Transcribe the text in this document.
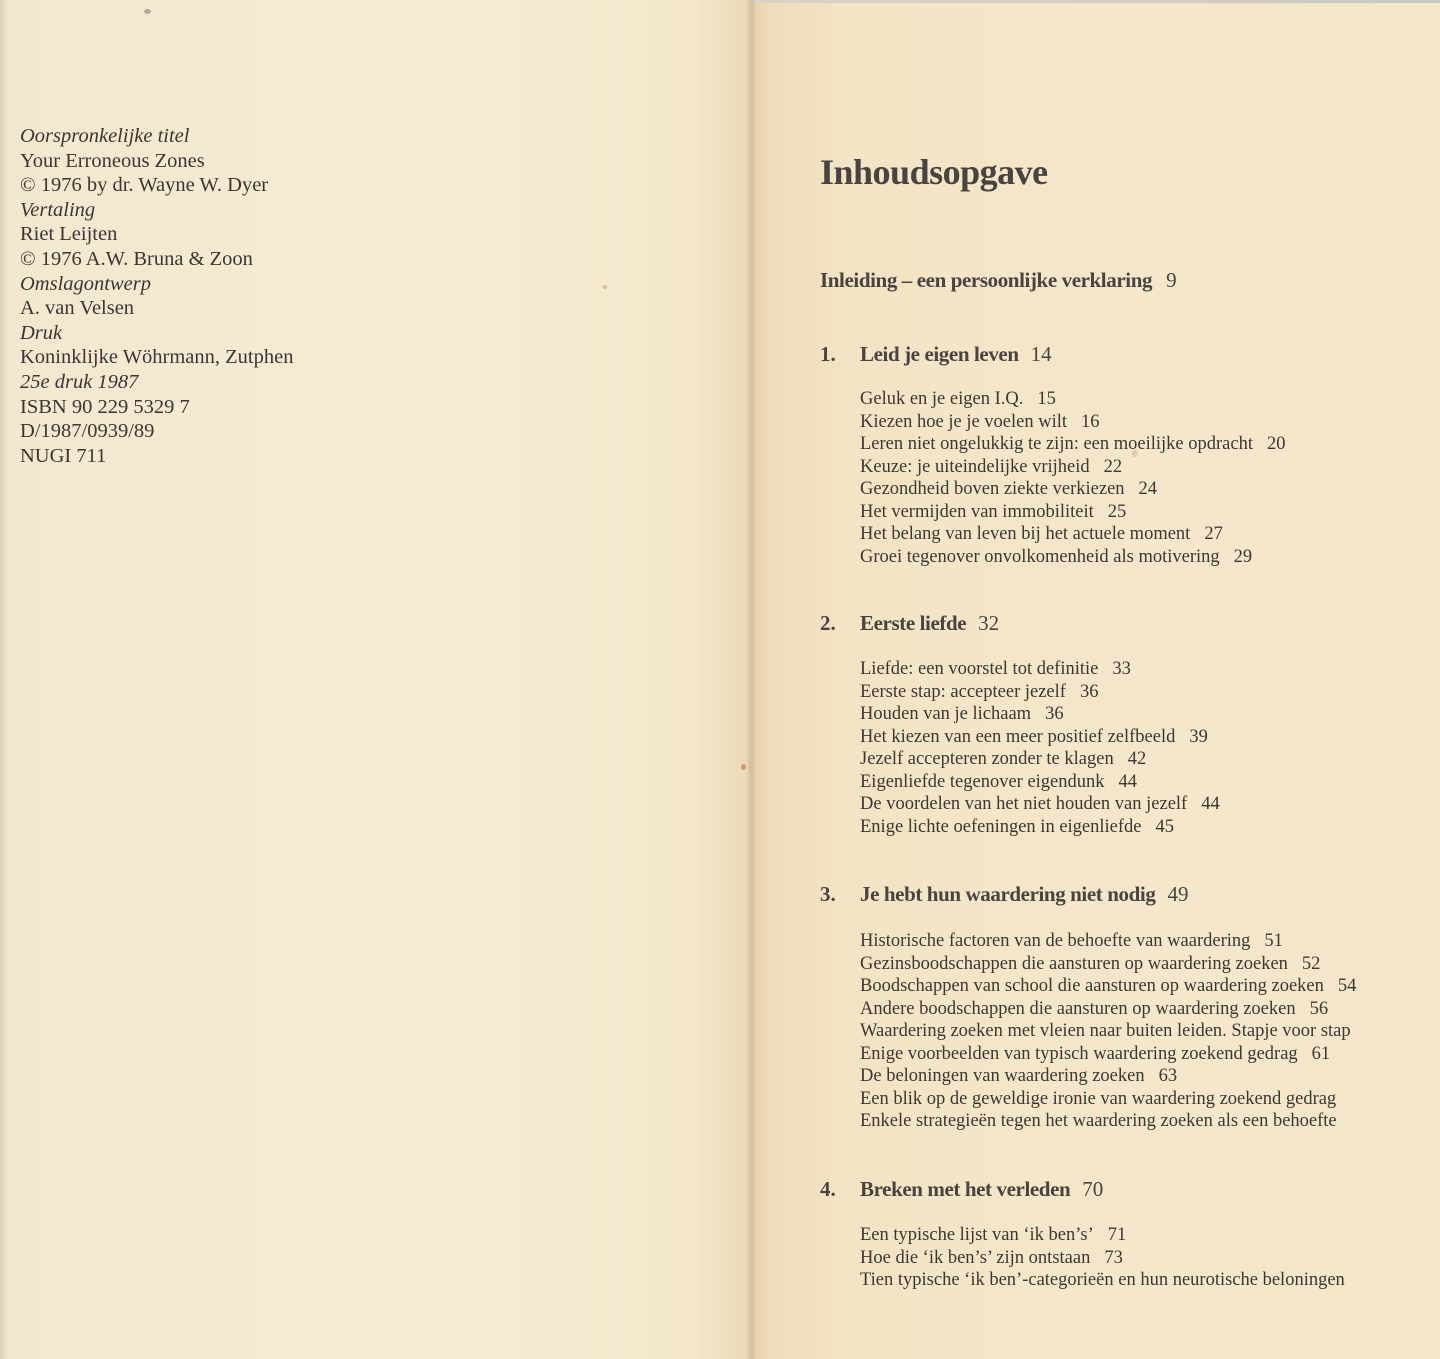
Oorspronkelijke titel
Your Erroneous Zones
© 1976 by dr. Wayne W. Dyer
Vertaling
Riet Leijten
© 1976 A.W. Bruna & Zoon
Omslagontwerp
A. van Velsen
Druk
Koninklijke Wöhrmann, Zutphen
25e druk 1987
ISBN 90 229 5329 7
D/1987/0939/89
NUGI 711
Inhoudsopgave
Inleiding – een persoonlijke verklaring 9
1. Leid je eigen leven 14
Geluk en je eigen I.Q. 15
Kiezen hoe je je voelen wilt 16
Leren niet ongelukkig te zijn: een moeilijke opdracht 20
Keuze: je uiteindelijke vrijheid 22
Gezondheid boven ziekte verkiezen 24
Het vermijden van immobiliteit 25
Het belang van leven bij het actuele moment 27
Groei tegenover onvolkomenheid als motivering 29
2. Eerste liefde 32
Liefde: een voorstel tot definitie 33
Eerste stap: accepteer jezelf 36
Houden van je lichaam 36
Het kiezen van een meer positief zelfbeeld 39
Jezelf accepteren zonder te klagen 42
Eigenliefde tegenover eigendunk 44
De voordelen van het niet houden van jezelf 44
Enige lichte oefeningen in eigenliefde 45
3. Je hebt hun waardering niet nodig 49
Historische factoren van de behoefte van waardering 51
Gezinsboodschappen die aansturen op waardering zoeken 52
Boodschappen van school die aansturen op waardering zoeken 54
Andere boodschappen die aansturen op waardering zoeken 56
Waardering zoeken met vleien naar buiten leiden. Stapje voor stap
Enige voorbeelden van typisch waardering zoekend gedrag 61
De beloningen van waardering zoeken 63
Een blik op de geweldige ironie van waardering zoekend gedrag
Enkele strategieën tegen het waardering zoeken als een behoefte
4. Breken met het verleden 70
Een typische lijst van ‘ik ben’s’ 71
Hoe die ‘ik ben’s’ zijn ontstaan 73
Tien typische ‘ik ben’-categorieën en hun neurotische beloningen
